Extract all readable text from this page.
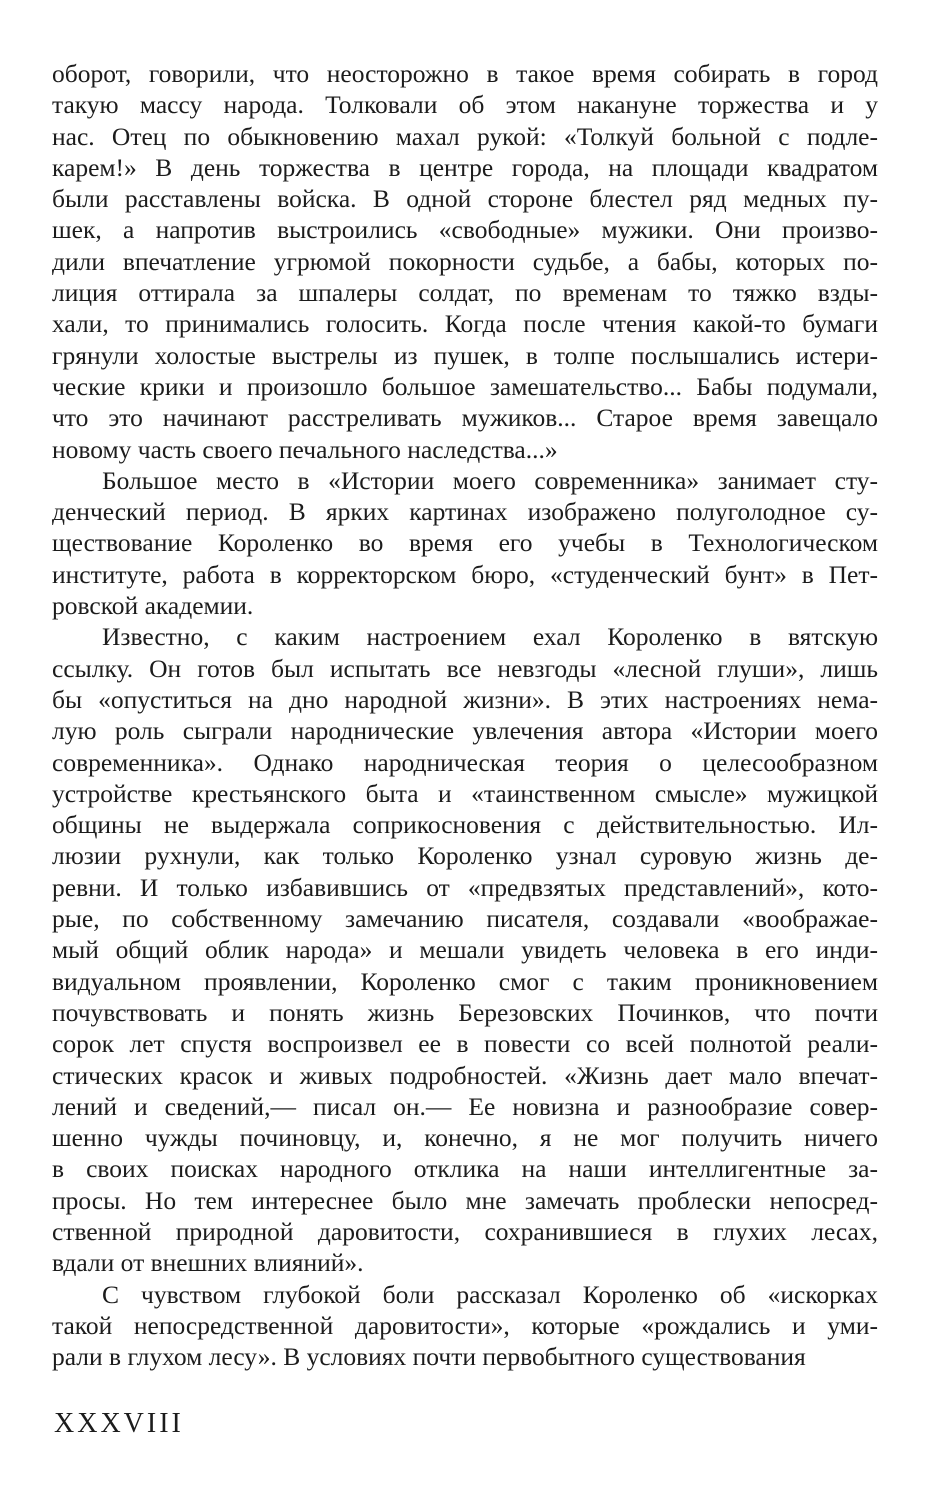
оборот, говорили, что неосторожно в такое время собирать в город
такую массу народа. Толковали об этом накануне торжества и у
нас. Отец по обыкновению махал рукой: «Толкуй больной с подле-
карем!» В день торжества в центре города, на площади квадратом
были расставлены войска. В одной стороне блестел ряд медных пу-
шек, а напротив выстроились «свободные» мужики. Они произво-
дили впечатление угрюмой покорности судьбе, а бабы, которых по-
лиция оттирала за шпалеры солдат, по временам то тяжко взды-
хали, то принимались голосить. Когда после чтения какой-то бумаги
грянули холостые выстрелы из пушек, в толпе послышались истери-
ческие крики и произошло большое замешательство... Бабы подумали,
что это начинают расстреливать мужиков... Старое время завещало
новому часть своего печального наследства...»
Большое место в «Истории моего современника» занимает сту-
денческий период. В ярких картинах изображено полуголодное су-
ществование Короленко во время его учебы в Технологическом
институте, работа в корректорском бюро, «студенческий бунт» в Пет-
ровской академии.
Известно, с каким настроением ехал Короленко в вятскую
ссылку. Он готов был испытать все невзгоды «лесной глуши», лишь
бы «опуститься на дно народной жизни». В этих настроениях нема-
лую роль сыграли народнические увлечения автора «Истории моего
современника». Однако народническая теория о целесообразном
устройстве крестьянского быта и «таинственном смысле» мужицкой
общины не выдержала соприкосновения с действительностью. Ил-
люзии рухнули, как только Короленко узнал суровую жизнь де-
ревни. И только избавившись от «предвзятых представлений», кото-
рые, по собственному замечанию писателя, создавали «воображае-
мый общий облик народа» и мешали увидеть человека в его инди-
видуальном проявлении, Короленко смог с таким проникновением
почувствовать и понять жизнь Березовских Починков, что почти
сорок лет спустя воспроизвел ее в повести со всей полнотой реали-
стических красок и живых подробностей. «Жизнь дает мало впечат-
лений и сведений,— писал он.— Ее новизна и разнообразие совер-
шенно чужды починовцу, и, конечно, я не мог получить ничего
в своих поисках народного отклика на наши интеллигентные за-
просы. Но тем интереснее было мне замечать проблески непосред-
ственной природной даровитости, сохранившиеся в глухих лесах,
вдали от внешних влияний».
С чувством глубокой боли рассказал Короленко об «искорках
такой непосредственной даровитости», которые «рождались и уми-
рали в глухом лесу». В условиях почти первобытного существования
XXXVIII
